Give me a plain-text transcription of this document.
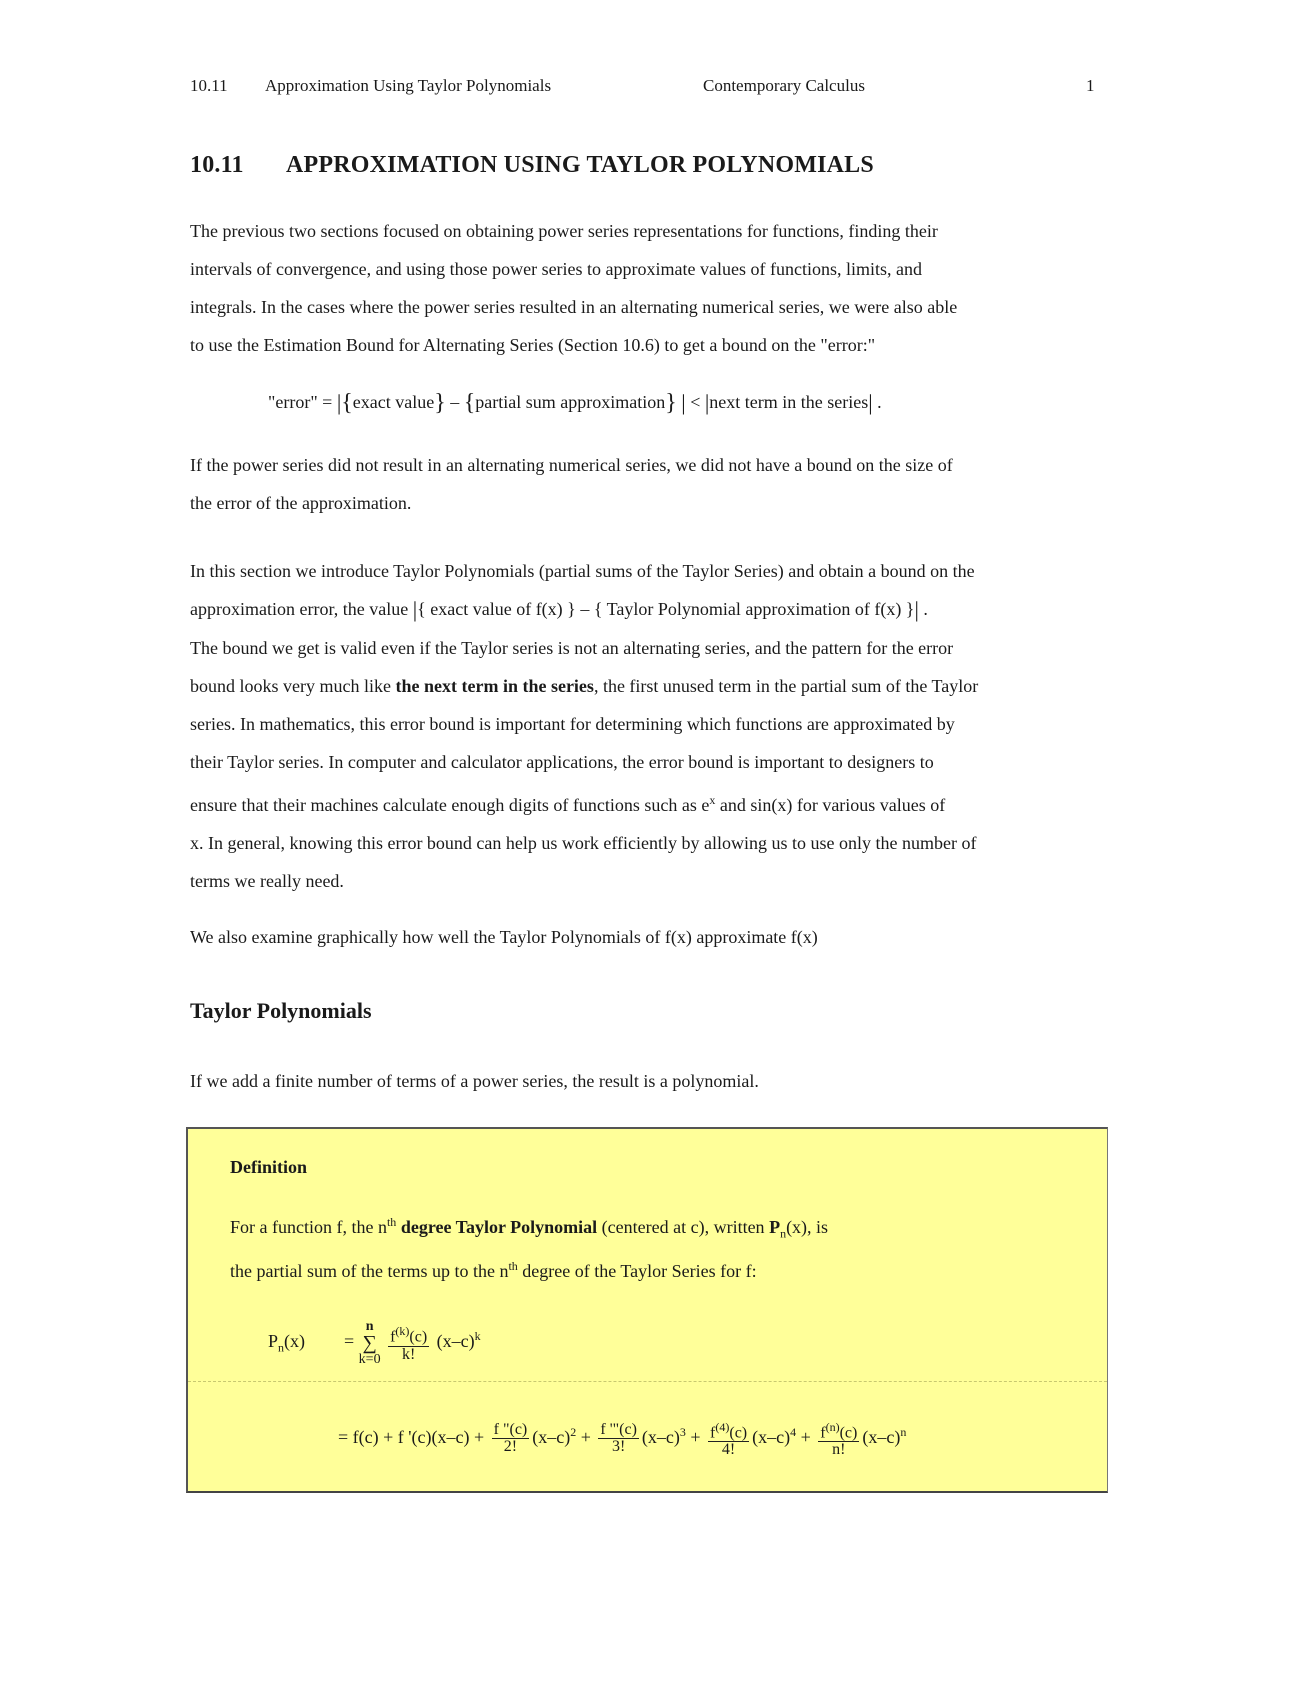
10.11 Approximation Using Taylor Polynomials	Contemporary Calculus	1
10.11 APPROXIMATION USING TAYLOR POLYNOMIALS

The previous two sections focused on obtaining power series representations for functions, finding their

intervals of convergence, and using those power series to approximate values of functions, limits, and

integrals. In the cases where the power series resulted in an alternating numerical series, we were also able

to use the Estimation Bound for Alternating Series (Section 10.6) to get a bound on the "error:"

"error" = |{exact value} – {partial sum approximation} | < |next term in the series| .

If the power series did not result in an alternating numerical series, we did not have a bound on the size of

the error of the approximation.

In this section we introduce Taylor Polynomials (partial sums of the Taylor Series) and obtain a bound on the

approximation error, the value |{ exact value of f(x) } – { Taylor Polynomial approximation of f(x) }| .

The bound we get is valid even if the Taylor series is not an alternating series, and the pattern for the error

bound looks very much like the next term in the series, the first unused term in the partial sum of the Taylor

series. In mathematics, this error bound is important for determining which functions are approximated by

their Taylor series. In computer and calculator applications, the error bound is important to designers to

ensure that their machines calculate enough digits of functions such as $e^x$ and sin(x) for various values of

x. In general, knowing this error bound can help us work efficiently by allowing us to use only the number of

terms we really need.

We also examine graphically how well the Taylor Polynomials of f(x) approximate f(x)

Taylor Polynomials

If we add a finite number of terms of a power series, the result is a polynomial.

Definition
For a function f, the $n^{th}$ degree Taylor Polynomial (centered at c), written $P_n(x)$, is
the partial sum of the terms up to the $n^{th}$ degree of the Taylor Series for f:
$P_n(x)$ =
n
∑
k=0
$\frac{f^{(k)}(c)}{k!} (x-c)^k$
= f(c) + f '$(c)(x-c) + \frac{f "(c)}{2!} (x-c)^2 + \frac{f '"(c)}{3!} (x-c)^3 + \frac{f^{(4)}(c)}{4!} (x-c)^4 + \frac{f^{(n)}(c)}{n!} (x-c)^n$
